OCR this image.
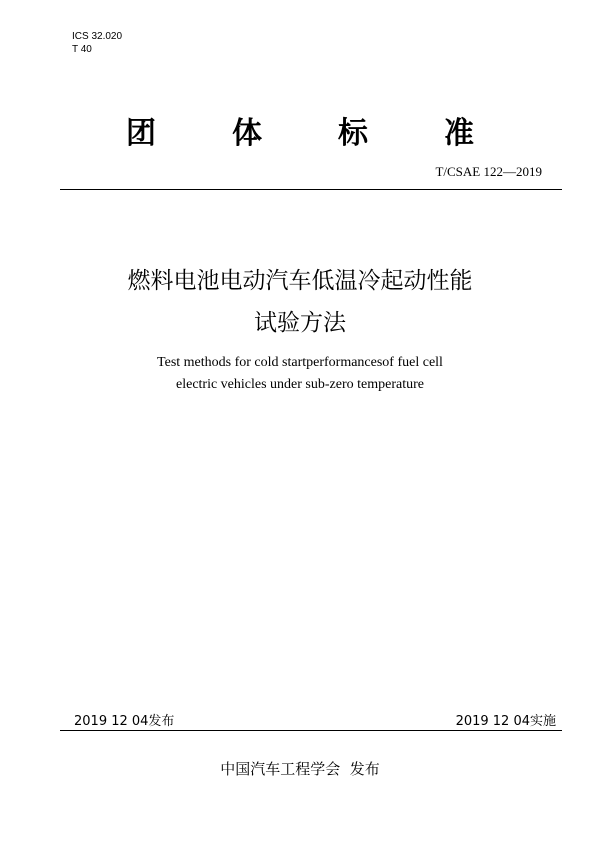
ICS 32.020
T 40
团	体	标	准
T/CSAE 122—2019
燃料电池电动汽车低温冷起动性能
试验方法
Test methods for cold startperformancesof fuel cell
electric vehicles under sub-zero temperature
2019 12 04发布	2019 12 04实施
中国汽车工程学会  发布
